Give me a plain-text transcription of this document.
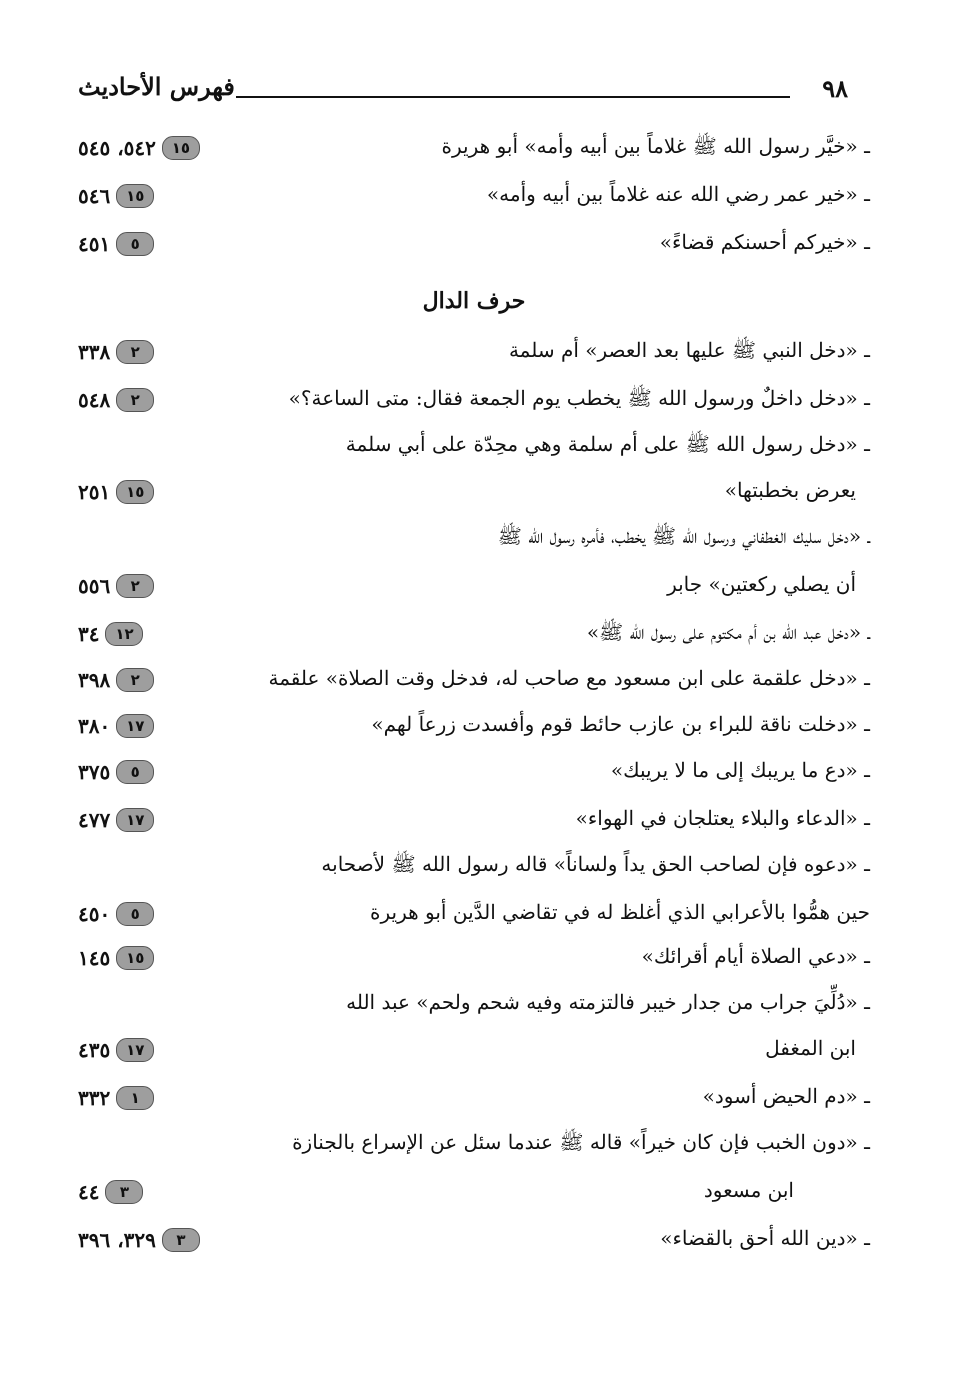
٩٨
فهرس الأحاديث
ـ «خيَّر رسول الله ﷺ غلاماً بين أبيه وأمه» أبو هريرة
١٥
٥٤٢، ٥٤٥
ـ «خير عمر رضي الله عنه غلاماً بين أبيه وأمه»
١٥
٥٤٦
ـ «خيركم أحسنكم قضاءً»
٥
٤٥١
حرف الدال
ـ «دخل النبي ﷺ عليها بعد العصر» أم سلمة
٢
٣٣٨
ـ «دخل داخلٌ ورسول الله ﷺ يخطب يوم الجمعة فقال: متى الساعة؟»
٢
٥٤٨
ـ «دخل رسول الله ﷺ على أم سلمة وهي محِدّة على أبي سلمة
يعرض بخطبتها»
١٥
٢٥١
ـ «دخل سليك الغطفاني ورسول الله ﷺ يخطب، فأمره رسول الله ﷺ
أن يصلي ركعتين» جابر
٢
٥٥٦
ـ «دخل عبد الله بن أم مكتوم على رسول الله ﷺ»
١٢
٣٤
ـ «دخل علقمة على ابن مسعود مع صاحب له، فدخل وقت الصلاة» علقمة
٢
٣٩٨
ـ «دخلت ناقة للبراء بن عازب حائط قوم وأفسدت زرعاً لهم»
١٧
٣٨٠
ـ «دع ما يريبك إلى ما لا يريبك»
٥
٣٧٥
ـ «الدعاء والبلاء يعتلجان في الهواء»
١٧
٤٧٧
ـ «دعوه فإن لصاحب الحق يداً ولساناً» قاله رسول الله ﷺ لأصحابه
حين همُّوا بالأعرابي الذي أغلظ له في تقاضي الدَّين أبو هريرة
٥
٤٥٠
ـ «دعي الصلاة أيام أقرائك»
١٥
١٤٥
ـ «دُلِّيَ جراب من جدار خيبر فالتزمته وفيه شحم ولحم» عبد الله
ابن المغفل
١٧
٤٣٥
ـ «دم الحيض أسود»
١
٣٣٢
ـ «دون الخبب فإن كان خيراً» قاله ﷺ عندما سئل عن الإسراع بالجنازة
ابن مسعود
٣
٤٤
ـ «دين الله أحق بالقضاء»
٣
٣٢٩، ٣٩٦
